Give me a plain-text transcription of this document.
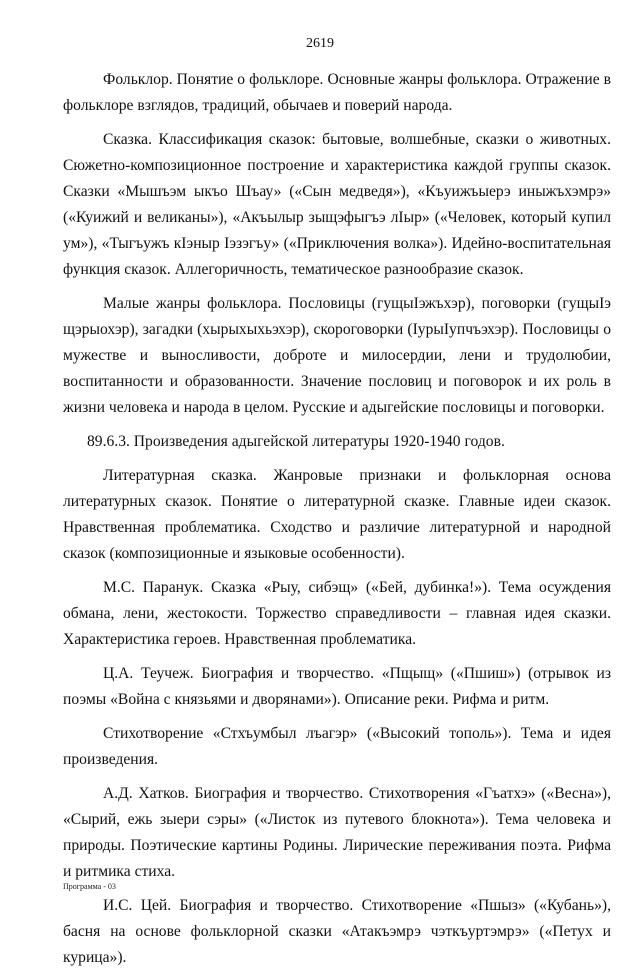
2619

Фольклор. Понятие о фольклоре. Основные жанры фольклора. Отражение в фольклоре взглядов, традиций, обычаев и поверий народа.

Сказка. Классификация сказок: бытовые, волшебные, сказки о животных. Сюжетно-композиционное построение и характеристика каждой группы сказок. Сказки «Мышъэм ыкъо Шъау» («Сын медведя»), «Къуижъыерэ иныжъхэмрэ» («Куижий и великаны»), «Акъылыр зыщэфыгъэ лIыр» («Человек, который купил ум»), «Тыгъужъ кIэныр Iэзэгъу» («Приключения волка»). Идейно-воспитательная функция сказок. Аллегоричность, тематическое разнообразие сказок.

Малые жанры фольклора. Пословицы (гущыIэжъхэр), поговорки (гущыIэ щэрыохэр), загадки (хырыхыхьэхэр), скороговорки (IурыIупчъэхэр). Пословицы о мужестве и выносливости, доброте и милосердии, лени и трудолюбии, воспитанности и образованности. Значение пословиц и поговорок и их роль в жизни человека и народа в целом. Русские и адыгейские пословицы и поговорки.

89.6.3. Произведения адыгейской литературы 1920-1940 годов.

Литературная сказка. Жанровые признаки и фольклорная основа литературных сказок. Понятие о литературной сказке. Главные идеи сказок. Нравственная проблематика. Сходство и различие литературной и народной сказок (композиционные и языковые особенности).

М.С. Паранук. Сказка «Рыу, сибэщ» («Бей, дубинка!»). Тема осуждения обмана, лени, жестокости. Торжество справедливости – главная идея сказки. Характеристика героев. Нравственная проблематика.

Ц.А. Теучеж. Биография и творчество. «Пщыщ» («Пшиш») (отрывок из поэмы «Война с князьями и дворянами»). Описание реки. Рифма и ритм.

Стихотворение «Стхъумбыл лъагэр» («Высокий тополь»). Тема и идея произведения.

А.Д. Хатков. Биография и творчество. Стихотворения «Гъатхэ» («Весна»), «Сырий, ежь зыери сэры» («Листок из путевого блокнота»). Тема человека и природы. Поэтические картины Родины. Лирические переживания поэта. Рифма и ритмика стиха.

И.С. Цей. Биография и творчество. Стихотворение «Пшыз» («Кубань»), басня на основе фольклорной сказки «Атакъэмрэ чэткъуртэмрэ» («Петух и курица»).

Программа - 03
